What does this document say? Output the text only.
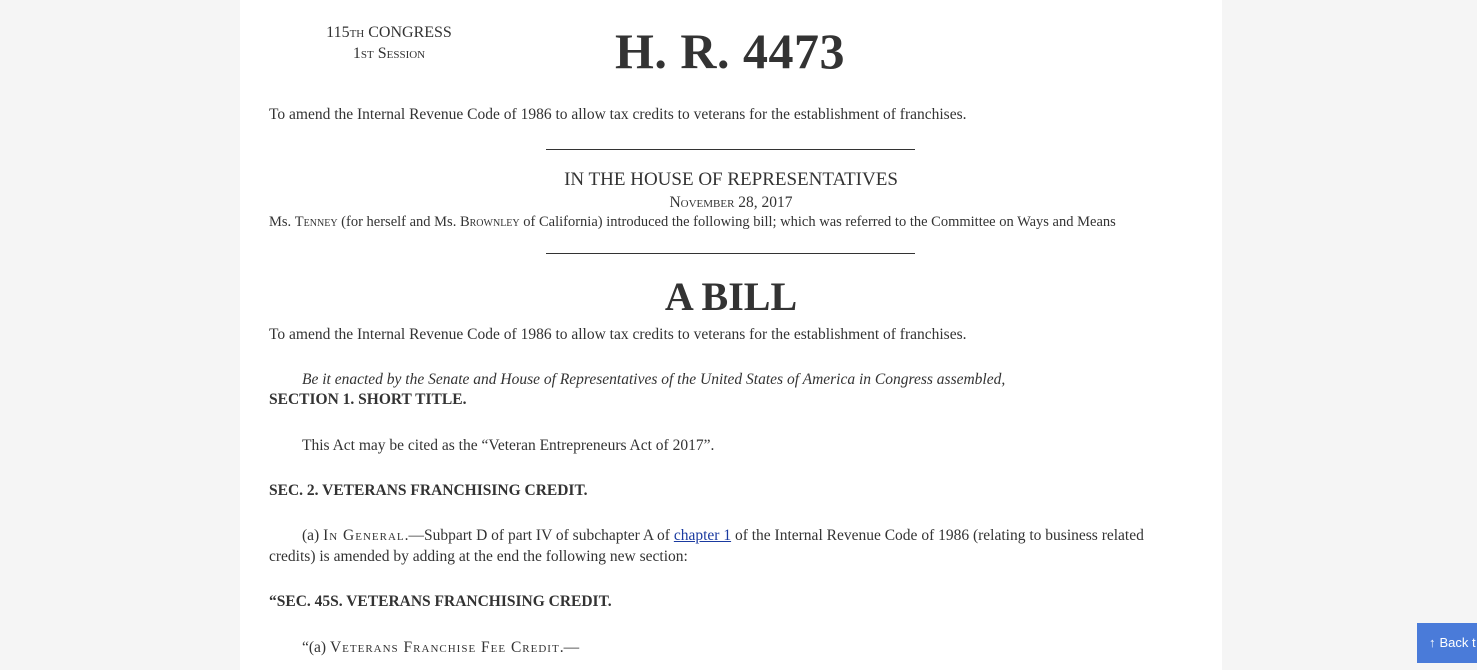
115th CONGRESS
1st Session	H. R. 4473
To amend the Internal Revenue Code of 1986 to allow tax credits to veterans for the establishment of franchises.
IN THE HOUSE OF REPRESENTATIVES
November 28, 2017
Ms. Tenney (for herself and Ms. Brownley of California) introduced the following bill; which was referred to the Committee on Ways and Means
A BILL
To amend the Internal Revenue Code of 1986 to allow tax credits to veterans for the establishment of franchises.
Be it enacted by the Senate and House of Representatives of the United States of America in Congress assembled,
SECTION 1. SHORT TITLE.
This Act may be cited as the “Veteran Entrepreneurs Act of 2017”.
SEC. 2. VETERANS FRANCHISING CREDIT.
(a) In General.—Subpart D of part IV of subchapter A of chapter 1 of the Internal Revenue Code of 1986 (relating to business related credits) is amended by adding at the end the following new section:
“SEC. 45S. VETERANS FRANCHISING CREDIT.
“(a) Veterans Franchise Fee Credit.—	↑ Back t
